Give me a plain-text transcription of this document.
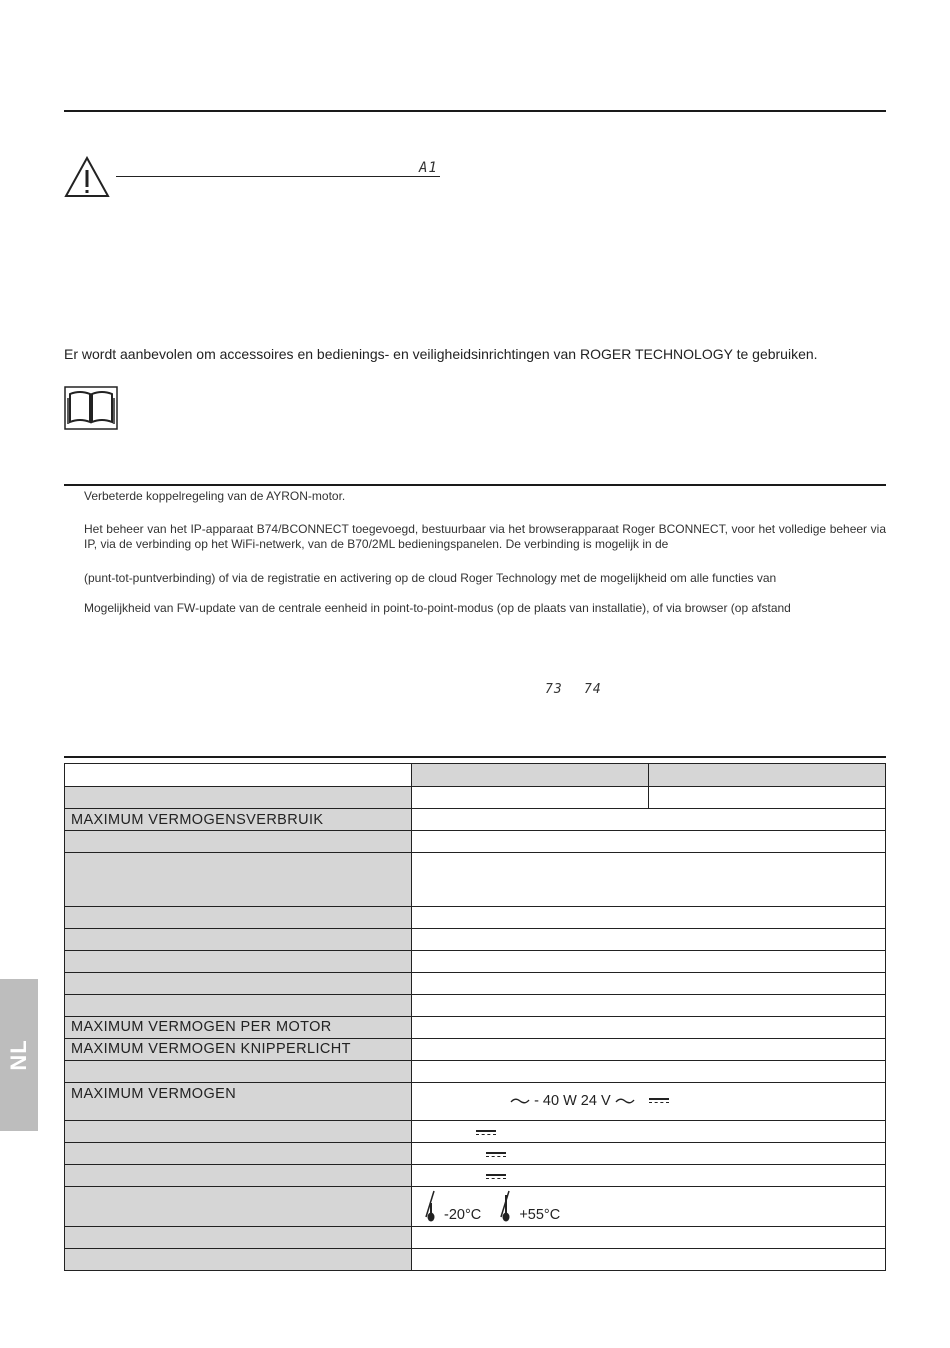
A1
Er wordt aanbevolen om accessoires en bedienings- en veiligheidsinrichtingen van ROGER TECHNOLOGY te gebruiken.
Verbeterde koppelregeling van de AYRON-motor.
Het beheer van het IP-apparaat B74/BCONNECT toegevoegd, bestuurbaar via het browserapparaat Roger BCONNECT, voor het volledige beheer via IP, via de verbinding op het WiFi-netwerk, van de B70/2ML bedieningspanelen. De verbinding is mogelijk in de
(punt-tot-puntverbinding) of via de registratie en activering op de cloud Roger Technology met de mogelijkheid om alle functies van
Mogelijkheid van FW-update van de centrale eenheid in point-to-point-modus (op de plaats van installatie), of via browser (op afstand
73 74
NL

MAXIMUM VERMOGENSVERBRUIK		

MAXIMUM VERMOGEN PER MOTOR		
MAXIMUM VERMOGEN KNIPPERLICHT		

MAXIMUM VERMOGEN	- 40 W 24 V	

	-20°C +55°C	
